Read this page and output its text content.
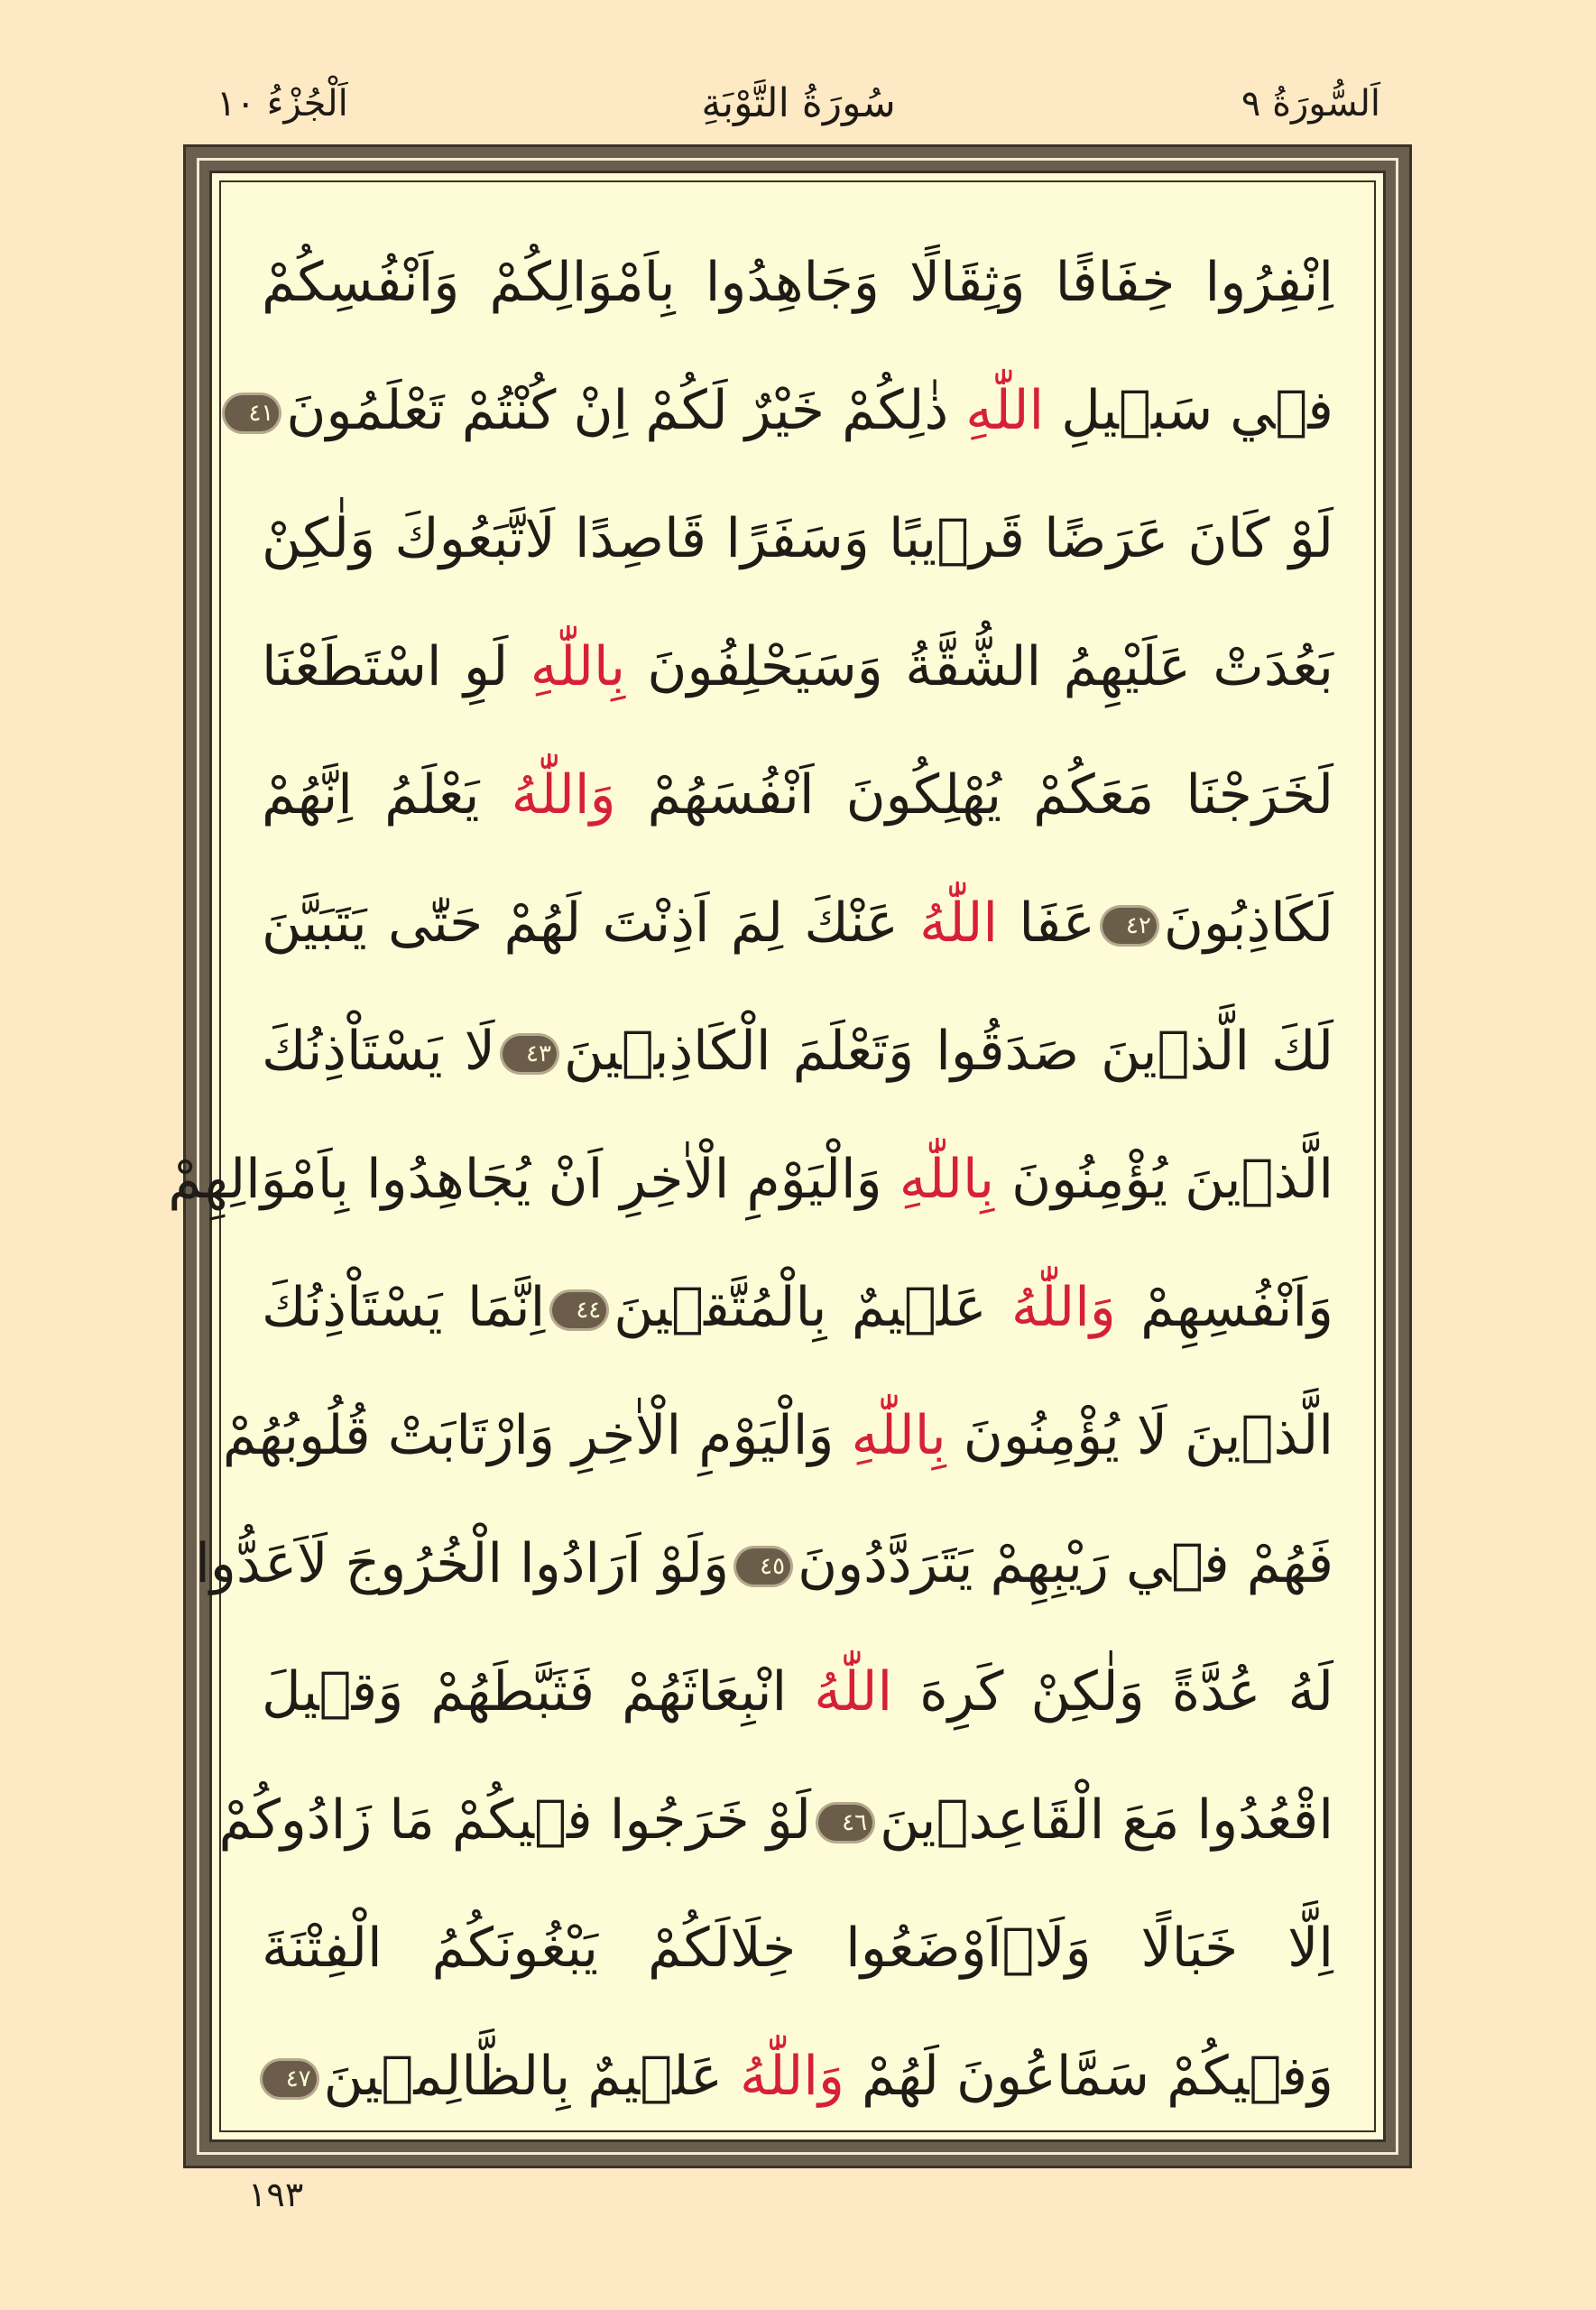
اَلسُّورَةُ ٩
سُورَةُ التَّوْبَةِ
اَلْجُزْءُ ١٠
اِنْفِرُوا خِفَافًا وَثِقَالًا وَجَاهِدُوا بِاَمْوَالِكُمْ وَاَنْفُسِكُمْ
فٖي سَبٖيلِ اللّٰهِ ذٰلِكُمْ خَيْرٌ لَكُمْ اِنْ كُنْتُمْ تَعْلَمُونَ٤١
لَوْ كَانَ عَرَضًا قَرٖيبًا وَسَفَرًا قَاصِدًا لَاتَّبَعُوكَ وَلٰكِنْ
بَعُدَتْ عَلَيْهِمُ الشُّقَّةُ وَسَيَحْلِفُونَ بِاللّٰهِ لَوِ اسْتَطَعْنَا
لَخَرَجْنَا مَعَكُمْ يُهْلِكُونَ اَنْفُسَهُمْ وَاللّٰهُ يَعْلَمُ اِنَّهُمْ
لَكَاذِبُونَ٤٢عَفَا اللّٰهُ عَنْكَ لِمَ اَذِنْتَ لَهُمْ حَتّٰى يَتَبَيَّنَ
لَكَ الَّذٖينَ صَدَقُوا وَتَعْلَمَ الْكَاذِبٖينَ٤٣لَا يَسْتَاْذِنُكَ
الَّذٖينَ يُؤْمِنُونَ بِاللّٰهِ وَالْيَوْمِ الْاٰخِرِ اَنْ يُجَاهِدُوا بِاَمْوَالِهِمْ
وَاَنْفُسِهِمْ وَاللّٰهُ عَلٖيمٌ بِالْمُتَّقٖينَ٤٤اِنَّمَا يَسْتَاْذِنُكَ
الَّذٖينَ لَا يُؤْمِنُونَ بِاللّٰهِ وَالْيَوْمِ الْاٰخِرِ وَارْتَابَتْ قُلُوبُهُمْ
فَهُمْ فٖي رَيْبِهِمْ يَتَرَدَّدُونَ٤٥وَلَوْ اَرَادُوا الْخُرُوجَ لَاَعَدُّوا
لَهُ عُدَّةً وَلٰكِنْ كَرِهَ اللّٰهُ انْبِعَاثَهُمْ فَثَبَّطَهُمْ وَقٖيلَ
اقْعُدُوا مَعَ الْقَاعِدٖينَ٤٦لَوْ خَرَجُوا فٖيكُمْ مَا زَادُوكُمْ
اِلَّا خَبَالًا وَلَا۬اَوْضَعُوا خِلَالَكُمْ يَبْغُونَكُمُ الْفِتْنَةَ
وَفٖيكُمْ سَمَّاعُونَ لَهُمْ وَاللّٰهُ عَلٖيمٌ بِالظَّالِمٖينَ٤٧
١٩٣
